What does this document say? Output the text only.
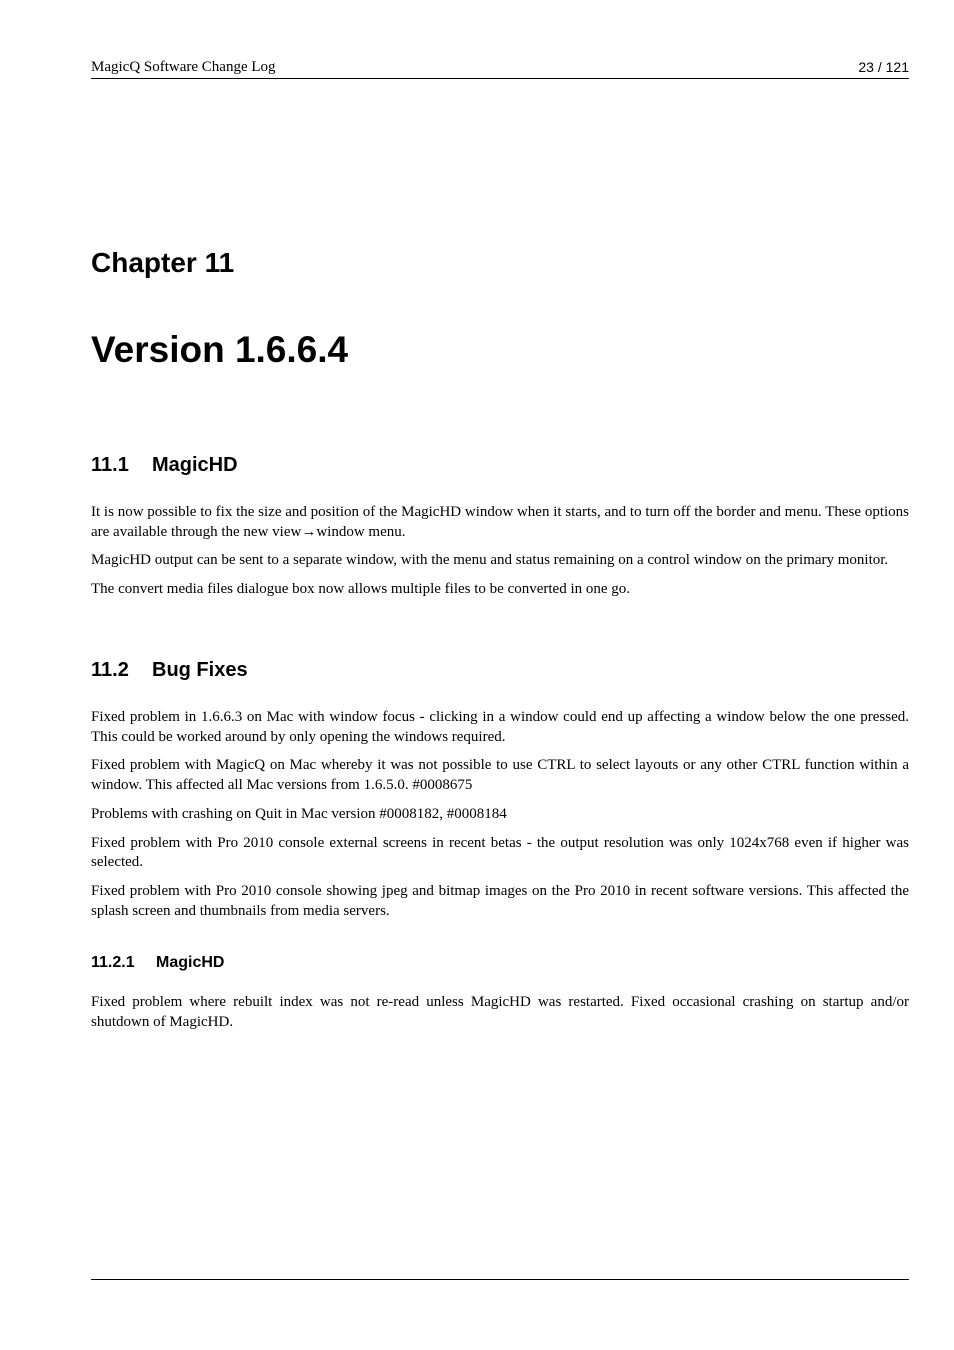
MagicQ Software Change Log	23 / 121
Chapter 11
Version 1.6.6.4
11.1 MagicHD

It is now possible to fix the size and position of the MagicHD window when it starts, and to turn off the border and menu. These options are available through the new view→window menu.

MagicHD output can be sent to a separate window, with the menu and status remaining on a control window on the primary monitor.

The convert media files dialogue box now allows multiple files to be converted in one go.

11.2 Bug Fixes

Fixed problem in 1.6.6.3 on Mac with window focus - clicking in a window could end up affecting a window below the one pressed. This could be worked around by only opening the windows required.

Fixed problem with MagicQ on Mac whereby it was not possible to use CTRL to select layouts or any other CTRL function within a window. This affected all Mac versions from 1.6.5.0. #0008675

Problems with crashing on Quit in Mac version #0008182, #0008184

Fixed problem with Pro 2010 console external screens in recent betas - the output resolution was only 1024x768 even if higher was selected.

Fixed problem with Pro 2010 console showing jpeg and bitmap images on the Pro 2010 in recent software versions. This affected the splash screen and thumbnails from media servers.

11.2.1 MagicHD

Fixed problem where rebuilt index was not re-read unless MagicHD was restarted. Fixed occasional crashing on startup and/or shutdown of MagicHD.
